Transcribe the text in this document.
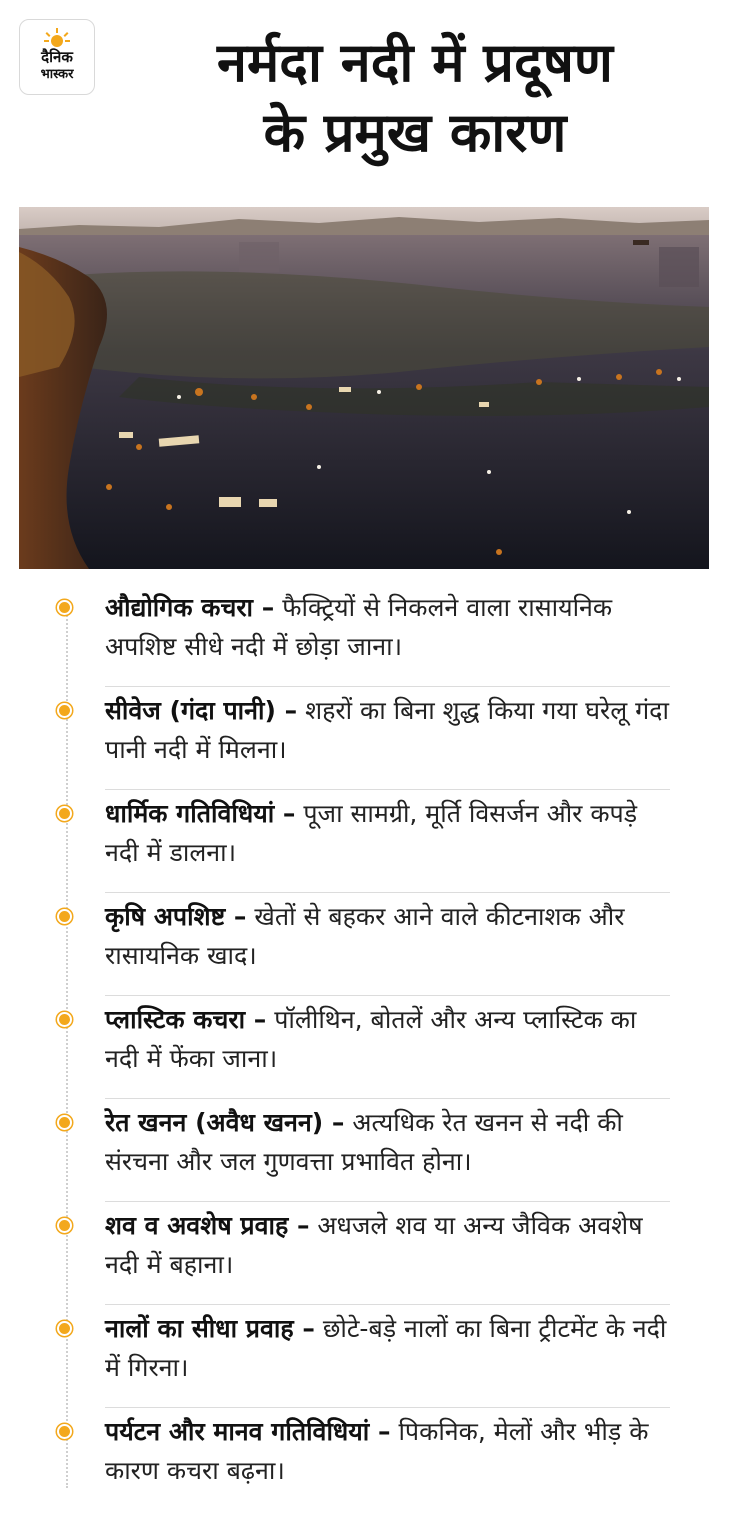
दैनिक
भास्कर	नर्मदा नदी में प्रदूषण
के प्रमुख कारण
औद्योगिक कचरा – फैक्ट्रियों से निकलने वाला रासायनिक अपशिष्ट सीधे नदी में छोड़ा जाना।
सीवेज (गंदा पानी) – शहरों का बिना शुद्ध किया गया घरेलू गंदा पानी नदी में मिलना।
धार्मिक गतिविधियां – पूजा सामग्री, मूर्ति विसर्जन और कपड़े नदी में डालना।
कृषि अपशिष्ट – खेतों से बहकर आने वाले कीटनाशक और रासायनिक खाद।
प्लास्टिक कचरा – पॉलीथिन, बोतलें और अन्य प्लास्टिक का नदी में फेंका जाना।
रेत खनन (अवैध खनन) – अत्यधिक रेत खनन से नदी की संरचना और जल गुणवत्ता प्रभावित होना।
शव व अवशेष प्रवाह – अधजले शव या अन्य जैविक अवशेष नदी में बहाना।
नालों का सीधा प्रवाह – छोटे-बड़े नालों का बिना ट्रीटमेंट के नदी में गिरना।
पर्यटन और मानव गतिविधियां – पिकनिक, मेलों और भीड़ के कारण कचरा बढ़ना।
